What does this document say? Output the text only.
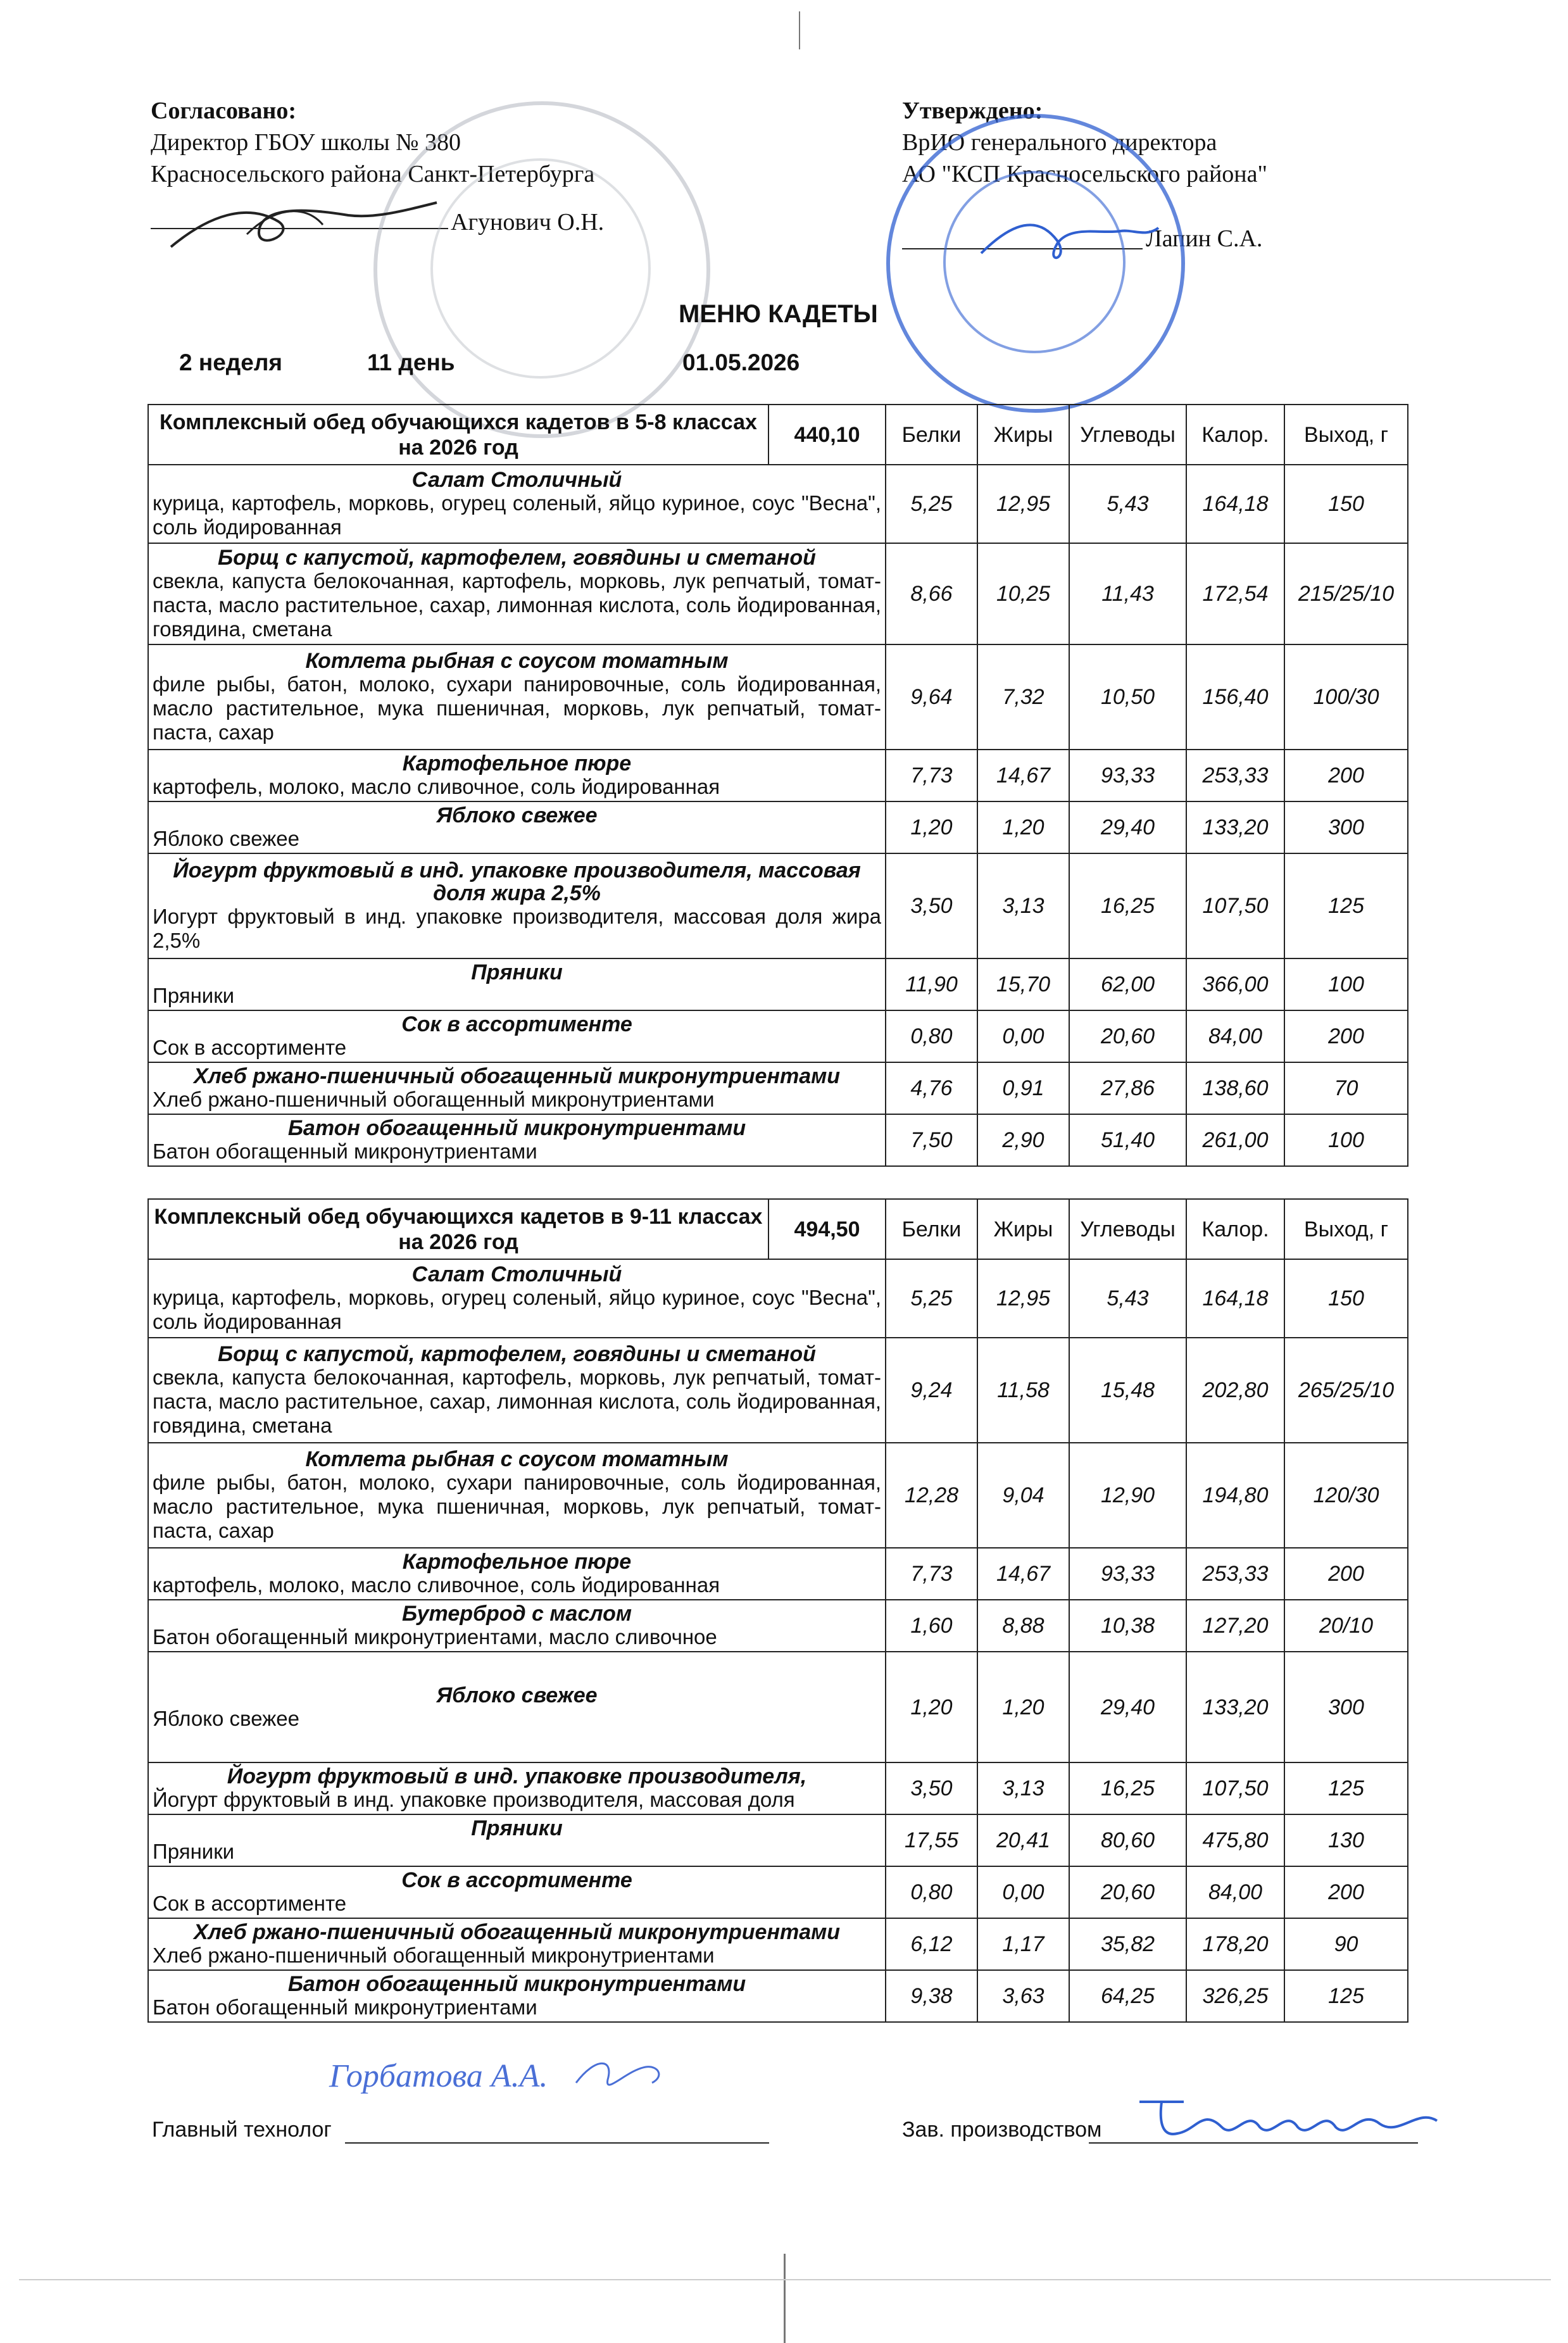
Согласовано:
Директор ГБОУ школы № 380
Красносельского района Санкт-Петербурга
Агунович О.Н.
Утверждено:
ВрИО генерального директора
АО "КСП Красносельского района"
Лапин С.А.
МЕНЮ КАДЕТЫ
2 неделя	11 день	01.05.2026
Комплексный обед обучающихся кадетов в 5-8 классах на 2026 год	440,10	Белки	Жиры	Углеводы	Калор.	Выход, г

Салат Столичный
курица, картофель, морковь, огурец соленый, яйцо куриное, соус "Весна", соль йодированная		5,25	12,95	5,43	164,18	150

Борщ с капустой, картофелем, говядины и сметаной
свекла, капуста белокочанная, картофель, морковь, лук репчатый, томат-паста, масло растительное, сахар, лимонная кислота, соль йодированная, говядина, сметана		8,66	10,25	11,43	172,54	215/25/10

Котлета рыбная с соусом томатным
филе рыбы, батон, молоко, сухари панировочные, соль йодированная, масло растительное, мука пшеничная, морковь, лук репчатый, томат-паста, сахар		9,64	7,32	10,50	156,40	100/30

Картофельное пюре
картофель, молоко, масло сливочное, соль йодированная		7,73	14,67	93,33	253,33	200

Яблоко свежее
Яблоко свежее		1,20	1,20	29,40	133,20	300

Йогурт фруктовый в инд. упаковке производителя, массовая доля жира 2,5%
Иогурт фруктовый в инд. упаковке производителя, массовая доля жира 2,5%		3,50	3,13	16,25	107,50	125

Пряники
Пряники		11,90	15,70	62,00	366,00	100

Сок в ассортименте
Сок в ассортименте		0,80	0,00	20,60	84,00	200

Хлеб ржано-пшеничный обогащенный микронутриентами
Хлеб ржано-пшеничный обогащенный микронутриентами		4,76	0,91	27,86	138,60	70

Батон обогащенный микронутриентами
Батон обогащенный микронутриентами		7,50	2,90	51,40	261,00	100
Комплексный обед обучающихся кадетов в 9-11 классах на 2026 год	494,50	Белки	Жиры	Углеводы	Калор.	Выход, г

Салат Столичный
курица, картофель, морковь, огурец соленый, яйцо куриное, соус "Весна", соль йодированная		5,25	12,95	5,43	164,18	150

Борщ с капустой, картофелем, говядины и сметаной
свекла, капуста белокочанная, картофель, морковь, лук репчатый, томат-паста, масло растительное, сахар, лимонная кислота, соль йодированная, говядина, сметана		9,24	11,58	15,48	202,80	265/25/10

Котлета рыбная с соусом томатным
филе рыбы, батон, молоко, сухари панировочные, соль йодированная, масло растительное, мука пшеничная, морковь, лук репчатый, томат-паста, сахар		12,28	9,04	12,90	194,80	120/30

Картофельное пюре
картофель, молоко, масло сливочное, соль йодированная		7,73	14,67	93,33	253,33	200

Бутерброд с маслом
Батон обогащенный микронутриентами, масло сливочное		1,60	8,88	10,38	127,20	20/10

Яблоко свежее
Яблоко свежее		1,20	1,20	29,40	133,20	300

Йогурт фруктовый в инд. упаковке производителя,
Йогурт фруктовый в инд. упаковке производителя, массовая доля		3,50	3,13	16,25	107,50	125

Пряники
Пряники		17,55	20,41	80,60	475,80	130

Сок в ассортименте
Сок в ассортименте		0,80	0,00	20,60	84,00	200

Хлеб ржано-пшеничный обогащенный микронутриентами
Хлеб ржано-пшеничный обогащенный микронутриентами		6,12	1,17	35,82	178,20	90

Батон обогащенный микронутриентами
Батон обогащенный микронутриентами		9,38	3,63	64,25	326,25	125
Горбатова А.А.
Главный технолог	Зав. производством
